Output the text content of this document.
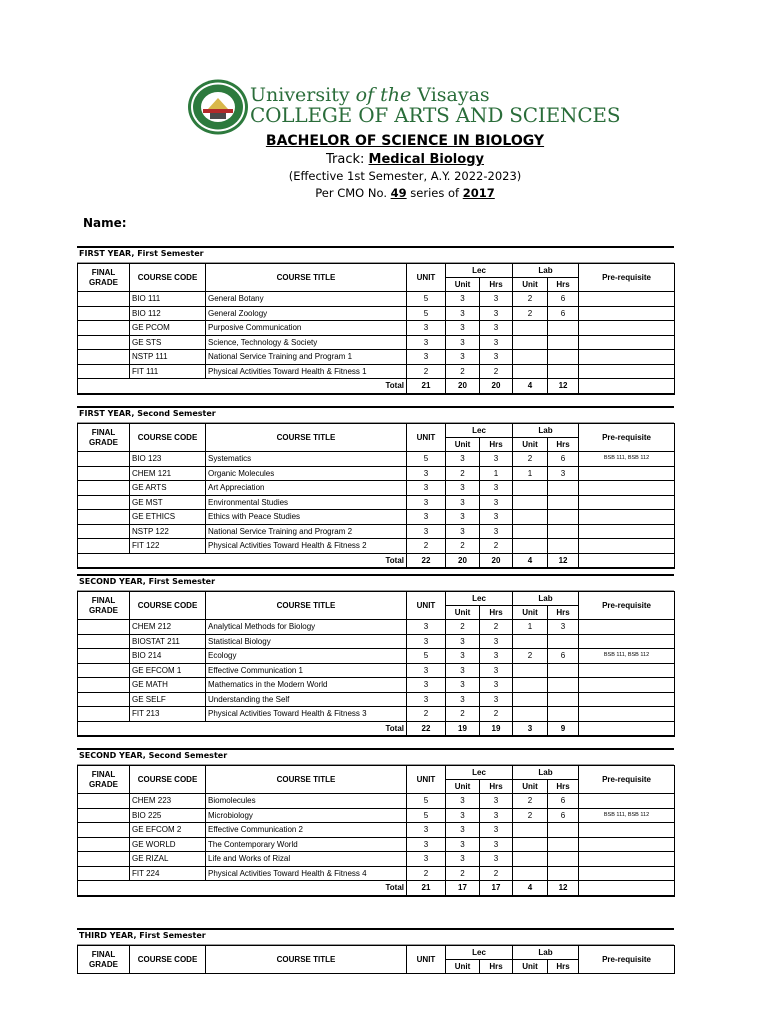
University of the Visayas
COLLEGE OF ARTS AND SCIENCES
BACHELOR OF SCIENCE IN BIOLOGY
Track: Medical Biology
(Effective 1st Semester, A.Y. 2022-2023)
Per CMO No. 49 series of 2017
Name:
FIRST YEAR, First Semester
FINAL
GRADE	COURSE CODE	COURSE TITLE	UNIT	Lec		Lab		Pre-requisite
				Unit	Hrs	Unit	Hrs	
	BIO 111	General Botany	5	3	3	2	6	
	BIO 112	General Zoology	5	3	3	2	6	
	GE PCOM	Purposive Communication	3	3	3			
	GE STS	Science, Technology & Society	3	3	3			
	NSTP 111	National Service Training and Program 1	3	3	3			
	FIT 111	Physical Activities Toward Health & Fitness 1	2	2	2			
Total			21	20	20	4	12	
FIRST YEAR, Second Semester
FINAL
GRADE	COURSE CODE	COURSE TITLE	UNIT	Lec		Lab		Pre-requisite
				Unit	Hrs	Unit	Hrs	
	BIO 123	Systematics	5	3	3	2	6	BSB 111, BSB 112
	CHEM 121	Organic Molecules	3	2	1	1	3	
	GE ARTS	Art Appreciation	3	3	3			
	GE MST	Environmental Studies	3	3	3			
	GE ETHICS	Ethics with Peace Studies	3	3	3			
	NSTP 122	National Service Training and Program 2	3	3	3			
	FIT 122	Physical Activities Toward Health & Fitness 2	2	2	2			
Total			22	20	20	4	12	
SECOND YEAR, First Semester
FINAL
GRADE	COURSE CODE	COURSE TITLE	UNIT	Lec		Lab		Pre-requisite
				Unit	Hrs	Unit	Hrs	
	CHEM 212	Analytical Methods for Biology	3	2	2	1	3	
	BIOSTAT 211	Statistical Biology	3	3	3			
	BIO 214	Ecology	5	3	3	2	6	BSB 111, BSB 112
	GE EFCOM 1	Effective Communication 1	3	3	3			
	GE MATH	Mathematics in the Modern World	3	3	3			
	GE SELF	Understanding the Self	3	3	3			
	FIT 213	Physical Activities Toward Health & Fitness 3	2	2	2			
Total			22	19	19	3	9	
SECOND YEAR, Second Semester
FINAL
GRADE	COURSE CODE	COURSE TITLE	UNIT	Lec		Lab		Pre-requisite
				Unit	Hrs	Unit	Hrs	
	CHEM 223	Biomolecules	5	3	3	2	6	
	BIO 225	Microbiology	5	3	3	2	6	BSB 111, BSB 112
	GE EFCOM 2	Effective Communication 2	3	3	3			
	GE WORLD	The Contemporary World	3	3	3			
	GE RIZAL	Life and Works of Rizal	3	3	3			
	FIT 224	Physical Activities Toward Health & Fitness 4	2	2	2			
Total			21	17	17	4	12	
THIRD YEAR, First Semester
FINAL
GRADE	COURSE CODE	COURSE TITLE	UNIT	Lec		Lab		Pre-requisite
				Unit	Hrs	Unit	Hrs	
